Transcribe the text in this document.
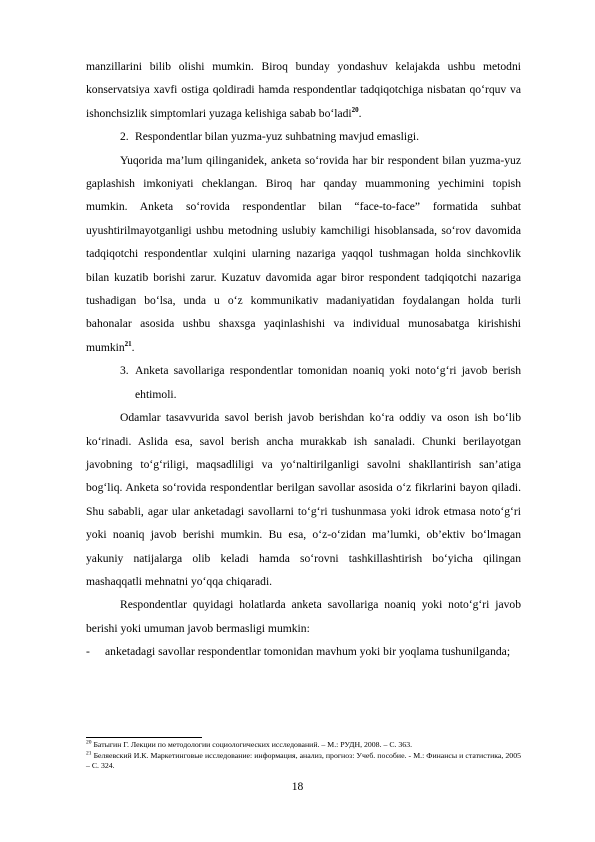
manzillarini bilib olishi mumkin. Biroq bunday yondashuv kelajakda ushbu metodni konservatsiya xavfi ostiga qoldiradi hamda respondentlar tadqiqotchiga nisbatan qo‘rquv va ishonchsizlik simptomlari yuzaga kelishiga sabab bo‘ladi$^{20}$.

2. Respondentlar bilan yuzma-yuz suhbatning mavjud emasligi.

Yuqorida ma’lum qilinganidek, anketa so‘rovida har bir respondent bilan yuzma-yuz gaplashish imkoniyati cheklangan. Biroq har qanday muammoning yechimini topish mumkin. Anketa so‘rovida respondentlar bilan “face-to-face” formatida suhbat uyushtirilmayotganligi ushbu metodning uslubiy kamchiligi hisoblansada, so‘rov davomida tadqiqotchi respondentlar xulqini ularning nazariga yaqqol tushmagan holda sinchkovlik bilan kuzatib borishi zarur. Kuzatuv davomida agar biror respondent tadqiqotchi nazariga tushadigan bo‘lsa, unda u o‘z kommunikativ madaniyatidan foydalangan holda turli bahonalar asosida ushbu shaxsga yaqinlashishi va individual munosabatga kirishishi mumkin$^{21}$.

3. Anketa savollariga respondentlar tomonidan noaniq yoki noto‘g‘ri javob berish ehtimoli.

Odamlar tasavvurida savol berish javob berishdan ko‘ra oddiy va oson ish bo‘lib ko‘rinadi. Aslida esa, savol berish ancha murakkab ish sanaladi. Chunki berilayotgan javobning to‘g‘riligi, maqsadliligi va yo‘naltirilganligi savolni shakllantirish san’atiga bog‘liq. Anketa so‘rovida respondentlar berilgan savollar asosida o‘z fikrlarini bayon qiladi. Shu sababli, agar ular anketadagi savollarni to‘g‘ri tushunmasa yoki idrok etmasa noto‘g‘ri yoki noaniq javob berishi mumkin. Bu esa, o‘z-o‘zidan ma’lumki, ob’ektiv bo‘lmagan yakuniy natijalarga olib keladi hamda so‘rovni tashkillashtirish bo‘yicha qilingan mashaqqatli mehnatni yo‘qqa chiqaradi.

Respondentlar quyidagi holatlarda anketa savollariga noaniq yoki noto‘g‘ri javob berishi yoki umuman javob bermasligi mumkin:

-	anketadagi savollar respondentlar tomonidan mavhum yoki bir yoqlama tushunilganda;

$^{20}$ Батыгин Г. Лекции по методологии социологических исследований. – М.: РУДН, 2008. – С. 363.

$^{21}$ Беляевский И.К. Маркетинговые исследование: информация, анализ, прогноз: Учеб. пособие. - М.: Финансы и статистика, 2005 – С. 324.

18
